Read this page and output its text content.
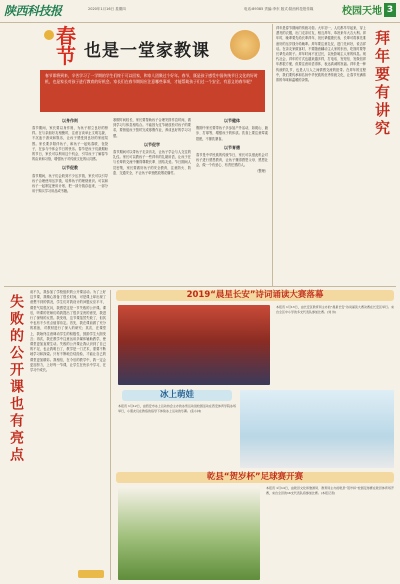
陕西科技报	2020年1月16日 星期四	电话:89385 责编:李东 版式:陕西科技报传媒	校园天地 3
春节 也是一堂家教课
春节即将到来，辛苦学习了一学期的学生们终于可以回家，和家人团聚过个好年。春节，既是孩子感受中国传统节日文化的好时机，也是家长对孩子进行教育的好机会。家长们在春节期间应注意哪些事项，才能帮助孩子们过一个安全、有意义的春节呢？
以身作则
春节期间，家长要以身作则，为孩子树立良好的榜样。在与亲朋好友相聚时，注意言谈举止文明礼貌，不沉迷于游戏和娱乐，让孩子感受到良好的家庭氛围。家长要多陪伴孩子，和孩子一起贴春联、包饺子，在参与中体会节日的快乐。春节是孩子们最期盼的节日，家长可以利用这个机会，引导孩子了解春节的由来和习俗，增强孩子对传统文化的认同感。

以节促教
春节期间，孩子们会收到不少压岁钱，家长可以引导孩子合理使用压岁钱，培养孩子的理财意识。可以和孩子一起制定使用计划，把一部分钱存起来，一部分用于购买学习用品或书籍。
寒假时间较长，家长要帮助孩子合理安排作息时间，做到学习与休息相结合。不能因为过节就放松对孩子的要求，要督促孩子按时完成寒假作业，养成良好的学习习惯。

以节促学
春节期间可以带孩子走亲访友，让孩子学会与人交往的礼仪。家长可以教孩子一些拜年的礼貌用语，让孩子在与长辈的交流中懂得尊敬长辈、团结友爱。节日期间人员密集，家长要做好孩子的安全教育，注意防火、防盗、交通安全，不让孩子单独燃放烟花爆竹。
以节健体
假期中家长要带孩子多参加户外活动，如爬山、跑步、打球等，增强孩子的体质。饮食上要注意荤素搭配，不暴饮暴食。

以节育德
春节是中华民族的传统节日，家长可以借此机会对孩子进行感恩教育，让孩子懂得感恩父母、感恩社会，做一个有爱心、有责任感的人。
（整理）
拜年是春节期间的传统习俗。大年初一，人们都早早起来，穿上漂亮的衣服，出门走亲访友，相互拜年，恭祝来年大吉大利。拜年时，晚辈要先给长辈拜年，祝长辈健康长寿，长辈可将事先准备好的压岁钱分给晚辈。拜年要注意礼仪，进门先问好，说吉祥话。在亲友家做客时，不要随意翻动主人家的东西，吃饭时要等长辈先动筷子。拜年时间不宜过长，以免影响主人家的休息。现代社会，拜年的方式也越来越多样，打电话、发短信、发微信拜年都很方便，但要注意用语得体，表达真诚的祝福。拜年是一种传统的礼节，也是人与人之间情感交流的纽带。在拜年的过程中，我们要传承和弘扬中华民族的优秀传统文化，让春节充满浓浓的年味和温暖的亲情。	拜年要有讲究
失败的公开课也有亮点
前不久，我参加了学校组织的公开课活动。为了上好这节课，我精心准备了很长时间，可是课上却出现了意想不到的情况，学生们对我设计的问题反应平平，课堂气氛很沉闷，我感觉这是一节失败的公开课。课后，听课的老师们给我提出了很多宝贵的意见，我进行了深刻的反思。我发现，这节课虽然失败了，但其中也有不少亮点值得肯定。首先，我在课前做了充分的准备，对教材进行了深入的研究；其次，在课堂上，我始终注意调动学生的积极性，鼓励学生大胆发言；再次，我在教学中注意运用多媒体辅助教学，使课堂更加直观生动。失败的公开课让我认识到了自己的不足，也让我明白了，教学是一门艺术，需要不断地学习和探索。只有不断地总结经验，才能让自己的课堂更加精彩。我相信，在今后的教学中，我一定会更加努力，上好每一节课，让学生在快乐中学习，在学习中成长。
2019“晨星长安”诗词诵读大赛落幕
本报讯 1月13日，由长安区教育局主办的“晨星长安”诗词诵读大赛决赛在长安区举行。来自全区中小学的多支代表队参加比赛。(刘 伟)
冰上萌娃
本报讯 1月12日，由西安市冰上运动协会主办的冰雪运动进校园活动在西安体育学院冰场举行，小朋友们在教练的指导下体验冰上运动的乐趣。(张小林)
乾县“贺岁杯”足球赛开赛
本报讯 1月14日，由乾县文化和旅游局、教育局主办的乾县“贺岁杯”校园足球赛在乾县体育场开赛，来自全县的16支代表队将参加比赛。(本报记者)
